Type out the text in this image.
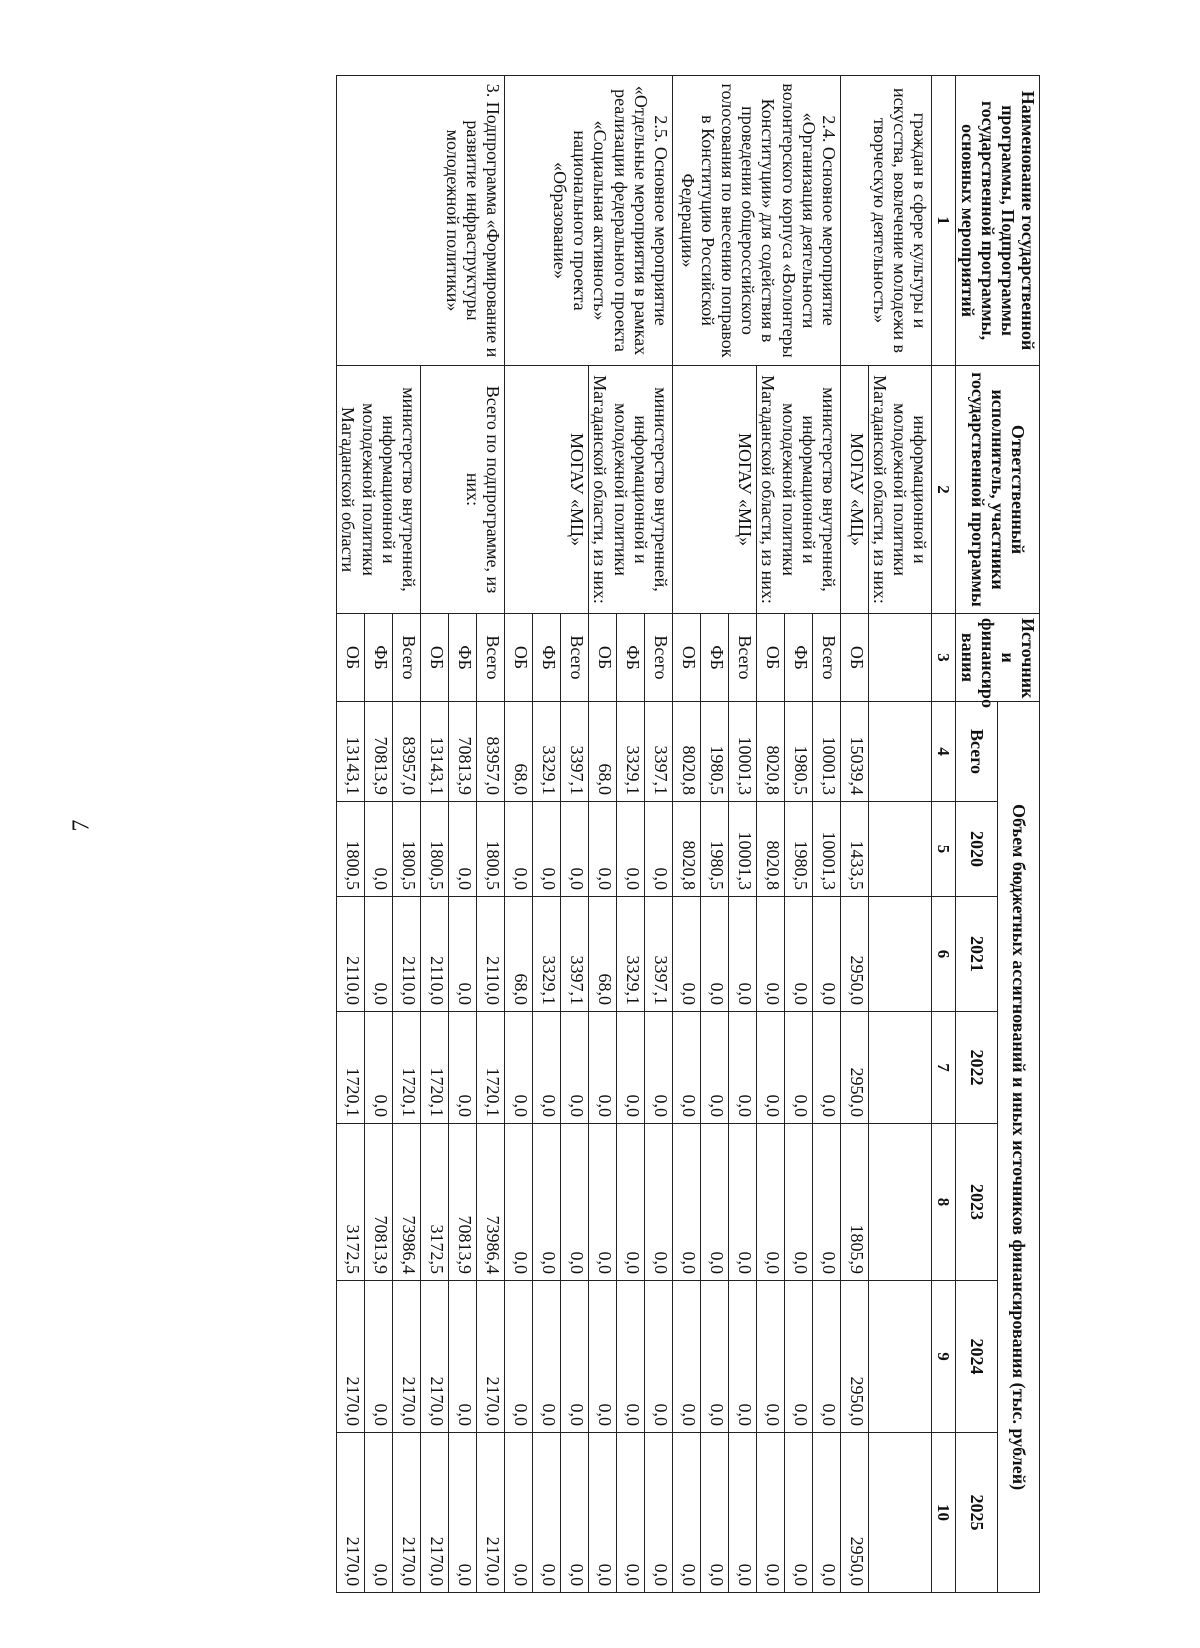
7
Наименование государственной программы, Подпрограммы государственной программы, основных мероприятий	Ответственный исполнитель, участники государственной программы	Источник и финансиро вания	Объем бюджетных ассигнований и иных источников финансирования (тыс. рублей)						
			Всего	2020	2021	2022	2023	2024	2025
1	2	3	4	5	6	7	8	9	10
граждан в сфере культуры и искусства, вовлечение молодежи в творческую деятельность»	информационной и молодежной политики Магаданской области, из них:								
	МОГАУ «МЦ»	ОБ	15039,4	1433,5	2950,0	2950,0	1805,9	2950,0	2950,0
2.4. Основное мероприятие «Организация деятельности волонтерского корпуса «Волонтеры Конституции» для содействия в проведении общероссийского голосования по внесению поправок в Конституцию Российской Федерации»	министерство внутренней, информационной и молодежной политики Магаданской области, из них:	Всего	10001,3	10001,3	0,0	0,0	0,0	0,0	0,0
		ФБ	1980,5	1980,5	0,0	0,0	0,0	0,0	0,0
		ОБ	8020,8	8020,8	0,0	0,0	0,0	0,0	0,0
	МОГАУ «МЦ»	Всего	10001,3	10001,3	0,0	0,0	0,0	0,0	0,0
		ФБ	1980,5	1980,5	0,0	0,0	0,0	0,0	0,0
		ОБ	8020,8	8020,8	0,0	0,0	0,0	0,0	0,0
2.5. Основное мероприятие «Отдельные мероприятия в рамках реализации федерального проекта «Социальная активность» национального проекта «Образование»	министерство внутренней, информационной и молодежной политики Магаданской области, из них:	Всего	3397,1	0,0	3397,1	0,0	0,0	0,0	0,0
		ФБ	3329,1	0,0	3329,1	0,0	0,0	0,0	0,0
		ОБ	68,0	0,0	68,0	0,0	0,0	0,0	0,0
	МОГАУ «МЦ»	Всего	3397,1	0,0	3397,1	0,0	0,0	0,0	0,0
		ФБ	3329,1	0,0	3329,1	0,0	0,0	0,0	0,0
		ОБ	68,0	0,0	68,0	0,0	0,0	0,0	0,0
3. Подпрограмма «Формирование и развитие инфраструктуры молодежной политики»	Всего по подпрограмме, из них:	Всего	83957,0	1800,5	2110,0	1720,1	73986,4	2170,0	2170,0
		ФБ	70813,9	0,0	0,0	0,0	70813,9	0,0	0,0
		ОБ	13143,1	1800,5	2110,0	1720,1	3172,5	2170,0	2170,0
	министерство внутренней, информационной и молодежной политики Магаданской области	Всего	83957,0	1800,5	2110,0	1720,1	73986,4	2170,0	2170,0
		ФБ	70813,9	0,0	0,0	0,0	70813,9	0,0	0,0
		ОБ	13143,1	1800,5	2110,0	1720,1	3172,5	2170,0	2170,0
